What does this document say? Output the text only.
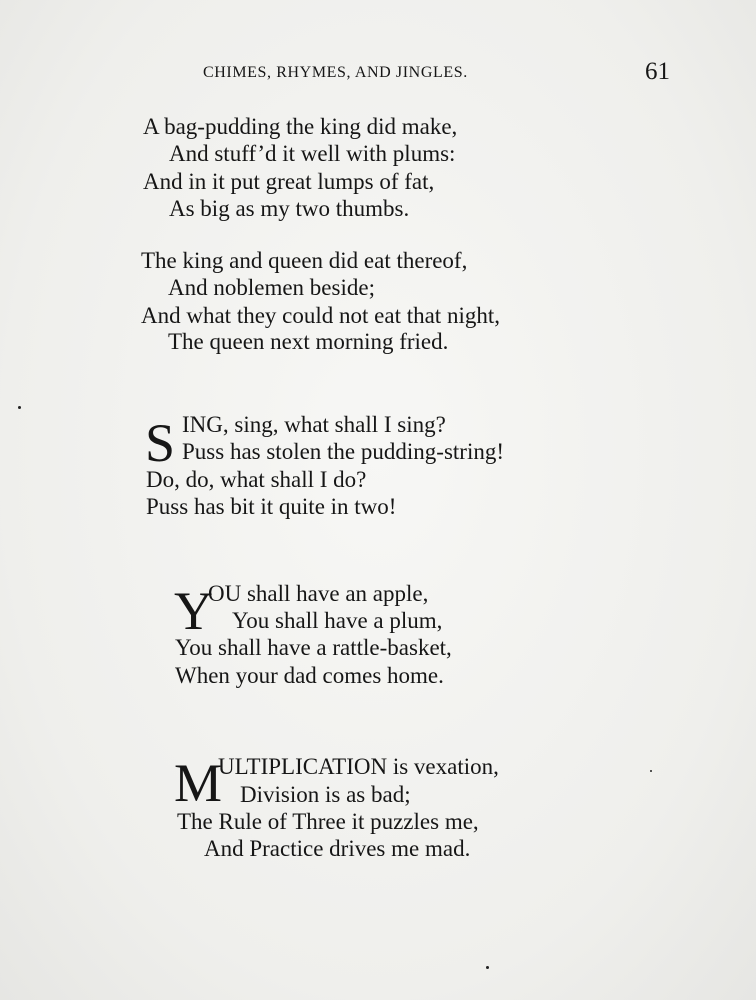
CHIMES, RHYMES, AND JINGLES.	61
A bag-pudding the king did make,
And stuff’d it well with plums:
And in it put great lumps of fat,
As big as my two thumbs.
The king and queen did eat thereof,
And noblemen beside;
And what they could not eat that night,
The queen next morning fried.
S ING, sing, what shall I sing?
Puss has stolen the pudding-string!
Do, do, what shall I do?
Puss has bit it quite in two!
Y
OU shall have an apple,
You shall have a plum,
You shall have a rattle-basket,
When your dad comes home.
M
ULTIPLICATION is vexation,
Division is as bad;
The Rule of Three it puzzles me,
And Practice drives me mad.
